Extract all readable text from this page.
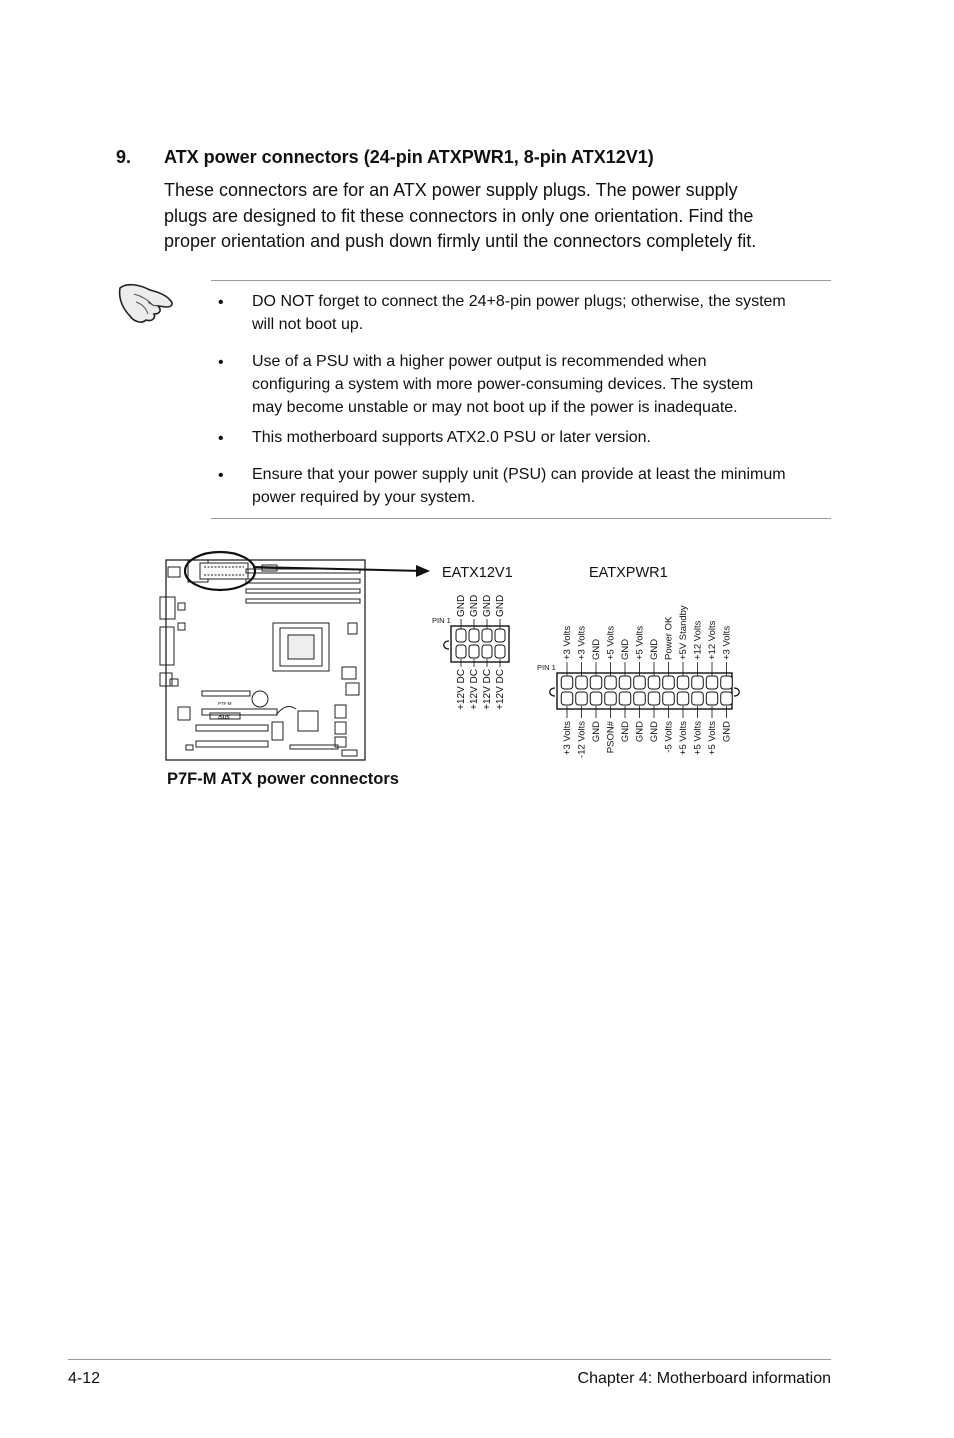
9. ATX power connectors (24-pin ATXPWR1, 8-pin ATX12V1)
These connectors are for an ATX power supply plugs. The power supply
plugs are designed to fit these connectors in only one orientation. Find the
proper orientation and push down firmly until the connectors completely fit.
• DO NOT forget to connect the 24+8-pin power plugs; otherwise, the system
will not boot up.
• Use of a PSU with a higher power output is recommended when
configuring a system with more power-consuming devices. The system
may become unstable or may not boot up if the power is inadequate.
• This motherboard supports ATX2.0 PSU or later version.
• Ensure that your power supply unit (PSU) can provide at least the minimum
power required by your system.
P7F-M
/SUS
EATX12V1	EATXPWR1
PIN 1
GND GND GND GND
+12V DC +12V DC +12V DC +12V DC
PIN 1
+3 Volts +3 Volts GND +5 Volts GND +5 Volts GND Power OK +5V Standby +12 Volts +12 Volts +3 Volts
+3 Volts -12 Volts GND PSON# GND GND GND -5 Volts +5 Volts +5 Volts +5 Volts GND
P7F-M ATX power connectors
4-12	Chapter 4: Motherboard information
